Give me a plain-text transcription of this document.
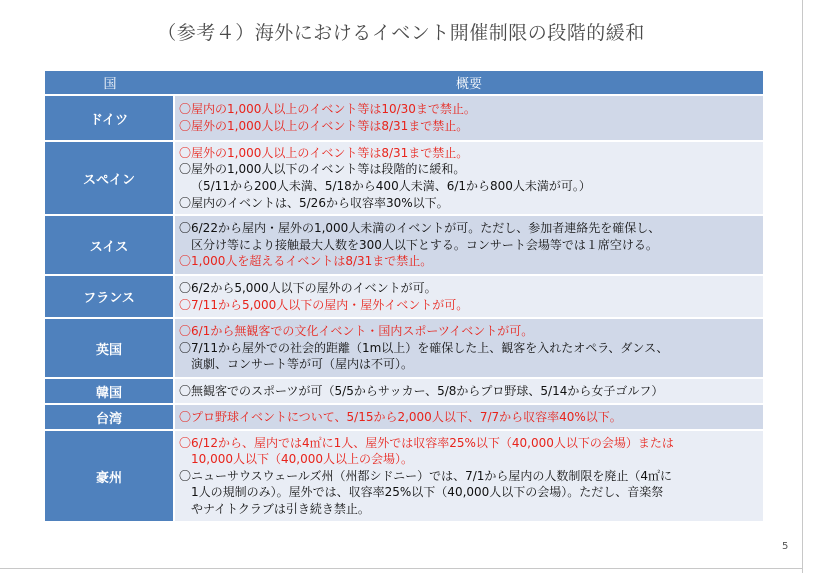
（参考４）海外におけるイベント開催制限の段階的緩和
国	概要
ドイツ	〇屋内の1,000人以上のイベント等は10/30まで禁止。
〇屋外の1,000人以上のイベント等は8/31まで禁止。

スペイン	〇屋外の1,000人以上のイベント等は8/31まで禁止。
〇屋外の1,000人以下のイベント等は段階的に緩和。
（5/11から200人未満、5/18から400人未満、6/1から800人未満が可。）
〇屋内のイベントは、5/26から収容率30%以下。

スイス	〇6/22から屋内・屋外の1,000人未満のイベントが可。ただし、参加者連絡先を確保し、
区分け等により接触最大人数を300人以下とする。コンサート会場等では１席空ける。
〇1,000人を超えるイベントは8/31まで禁止。

フランス	〇6/2から5,000人以下の屋外のイベントが可。
〇7/11から5,000人以下の屋内・屋外イベントが可。

英国	〇6/1から無観客での文化イベント・国内スポーツイベントが可。
〇7/11から屋外での社会的距離（1m以上）を確保した上、観客を入れたオペラ、ダンス、
演劇、コンサート等が可（屋内は不可）。

韓国	〇無観客でのスポーツが可（5/5からサッカー、5/8からプロ野球、5/14から女子ゴルフ）

台湾	〇プロ野球イベントについて、5/15から2,000人以下、7/7から収容率40%以下。

豪州	〇6/12から、屋内では4㎡に1人、屋外では収容率25%以下（40,000人以下の会場）または
10,000人以下（40,000人以上の会場）。
〇ニューサウスウェールズ州（州都シドニー）では、7/1から屋内の人数制限を廃止（4㎡に
1人の規制のみ）。屋外では、収容率25%以下（40,000人以下の会場）。ただし、音楽祭
やナイトクラブは引き続き禁止。
5
